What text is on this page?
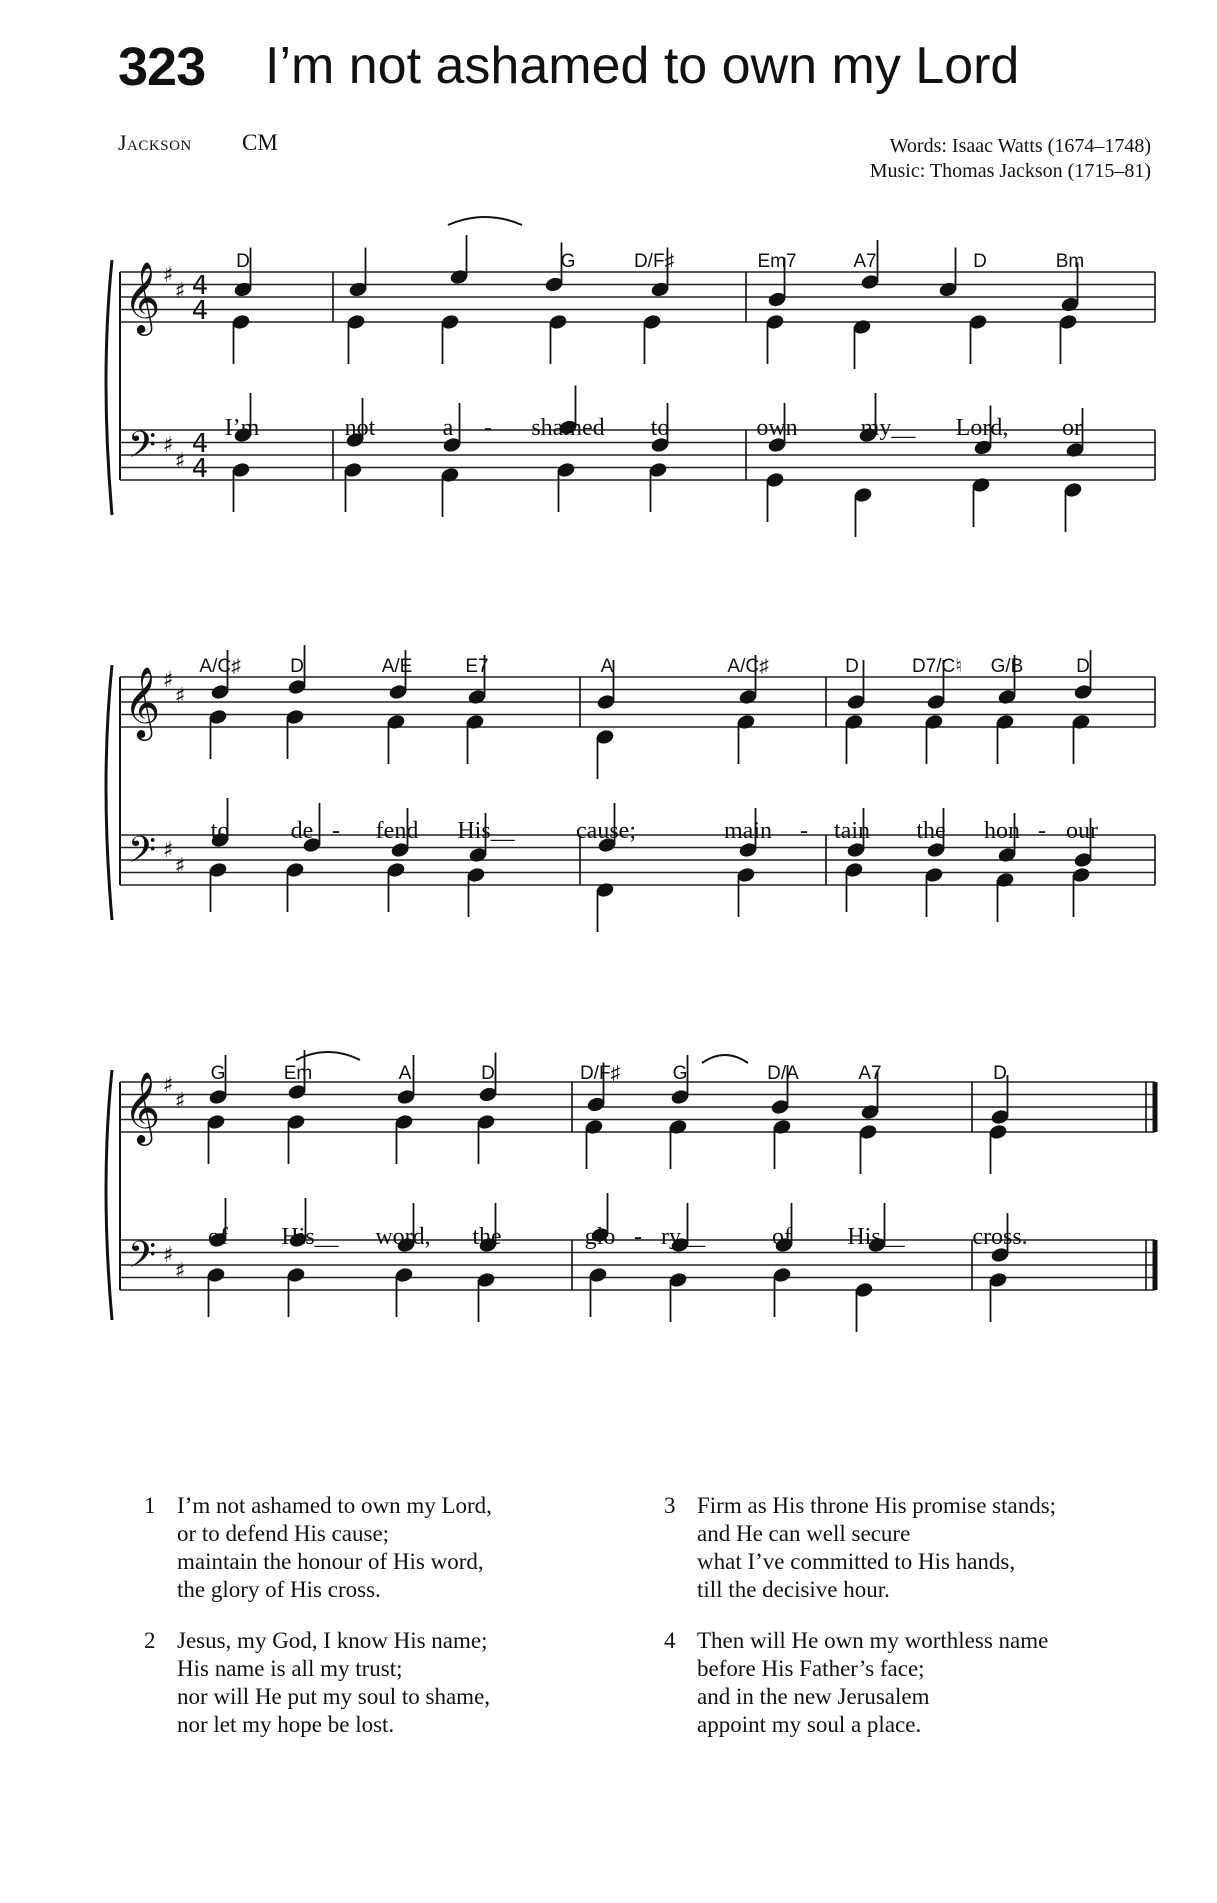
323 I’m not ashamed to own my Lord
Jackson CM	Words: Isaac Watts (1674–1748)
Music: Thomas Jackson (1715–81)
𝄞
𝄢
♯
♯
♯
♯
4
4
4
4
D	G	D/F♯	Em7	A7	D	Bm
I’m	not	a - shamed to	own	my__ Lord, or
𝄞
𝄢
♯
♯
♯
♯
A/C♯	D	A/E	E7	A	A/C♯	D	D7/C♮ G/B	D
to	de - fend His__	cause;	main - tain the hon - our
𝄞
𝄢
♯
♯
♯
♯
G	Em	A	D	D/F♯	G	D/A	A7	D
of His__ word, the	glo - ry__	of His__	cross.
1 I’m not ashamed to own my Lord,
or to defend His cause;
maintain the honour of His word,
the glory of His cross.
2 Jesus, my God, I know His name;
His name is all my trust;
nor will He put my soul to shame,
nor let my hope be lost.
3 Firm as His throne His promise stands;
and He can well secure
what I’ve committed to His hands,
till the decisive hour.
4 Then will He own my worthless name
before His Father’s face;
and in the new Jerusalem
appoint my soul a place.
